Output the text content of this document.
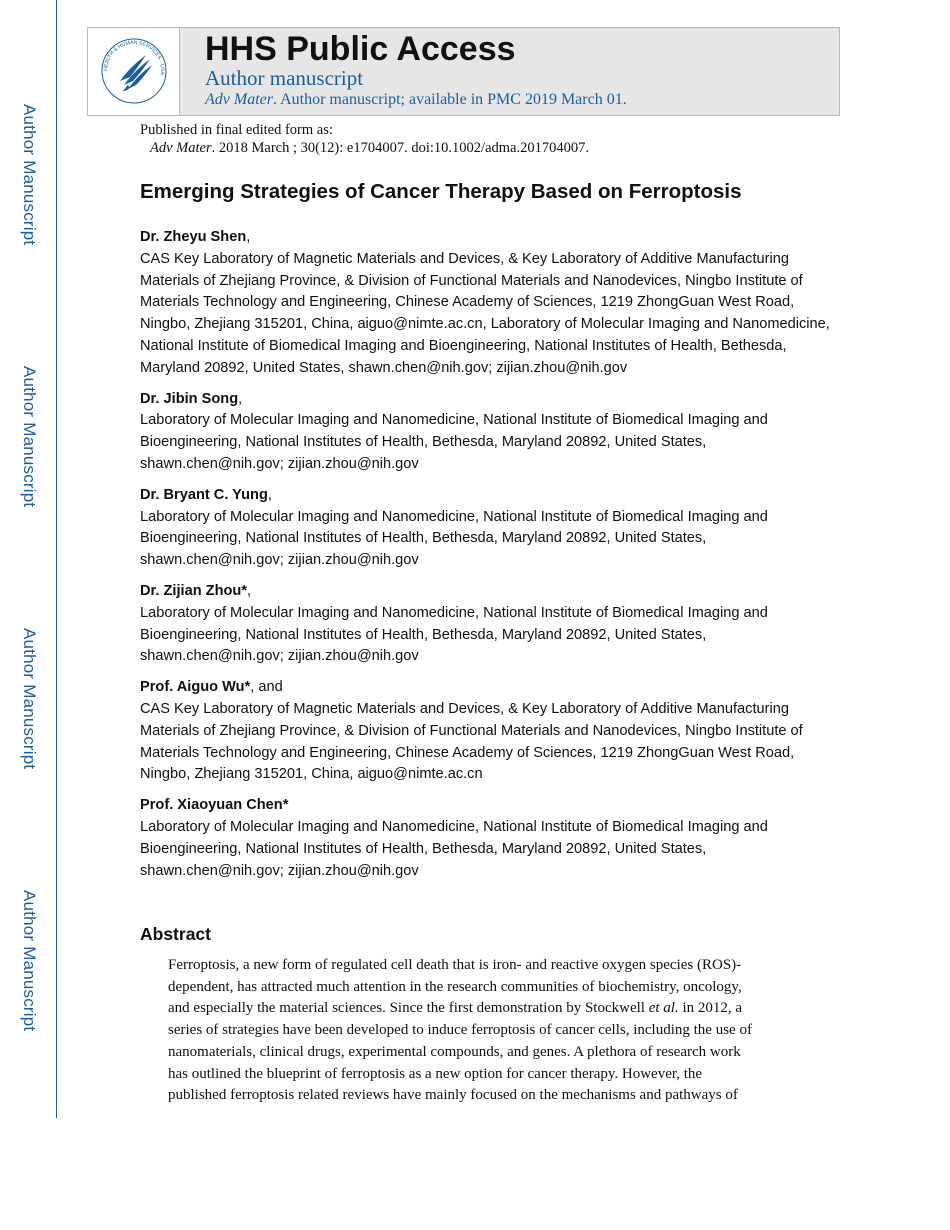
Author Manuscript
Author Manuscript
Author Manuscript
Author Manuscript
HEALTH & HUMAN SERVICES · USA
HHS Public Access
Author manuscript
Adv Mater. Author manuscript; available in PMC 2019 March 01.
Published in final edited form as:
Adv Mater. 2018 March ; 30(12): e1704007. doi:10.1002/adma.201704007.
Emerging Strategies of Cancer Therapy Based on Ferroptosis
Dr. Zheyu Shen,
CAS Key Laboratory of Magnetic Materials and Devices, & Key Laboratory of Additive Manufacturing Materials of Zhejiang Province, & Division of Functional Materials and Nanodevices, Ningbo Institute of Materials Technology and Engineering, Chinese Academy of Sciences, 1219 ZhongGuan West Road, Ningbo, Zhejiang 315201, China, aiguo@nimte.ac.cn, Laboratory of Molecular Imaging and Nanomedicine, National Institute of Biomedical Imaging and Bioengineering, National Institutes of Health, Bethesda, Maryland 20892, United States, shawn.chen@nih.gov; zijian.zhou@nih.gov
Dr. Jibin Song,
Laboratory of Molecular Imaging and Nanomedicine, National Institute of Biomedical Imaging and Bioengineering, National Institutes of Health, Bethesda, Maryland 20892, United States, shawn.chen@nih.gov; zijian.zhou@nih.gov
Dr. Bryant C. Yung,
Laboratory of Molecular Imaging and Nanomedicine, National Institute of Biomedical Imaging and Bioengineering, National Institutes of Health, Bethesda, Maryland 20892, United States, shawn.chen@nih.gov; zijian.zhou@nih.gov
Dr. Zijian Zhou*,
Laboratory of Molecular Imaging and Nanomedicine, National Institute of Biomedical Imaging and Bioengineering, National Institutes of Health, Bethesda, Maryland 20892, United States, shawn.chen@nih.gov; zijian.zhou@nih.gov
Prof. Aiguo Wu*, and
CAS Key Laboratory of Magnetic Materials and Devices, & Key Laboratory of Additive Manufacturing Materials of Zhejiang Province, & Division of Functional Materials and Nanodevices, Ningbo Institute of Materials Technology and Engineering, Chinese Academy of Sciences, 1219 ZhongGuan West Road, Ningbo, Zhejiang 315201, China, aiguo@nimte.ac.cn
Prof. Xiaoyuan Chen*
Laboratory of Molecular Imaging and Nanomedicine, National Institute of Biomedical Imaging and Bioengineering, National Institutes of Health, Bethesda, Maryland 20892, United States, shawn.chen@nih.gov; zijian.zhou@nih.gov
Abstract

Ferroptosis, a new form of regulated cell death that is iron- and reactive oxygen species (ROS)-
dependent, has attracted much attention in the research communities of biochemistry, oncology,
and especially the material sciences. Since the first demonstration by Stockwell et al. in 2012, a
series of strategies have been developed to induce ferroptosis of cancer cells, including the use of
nanomaterials, clinical drugs, experimental compounds, and genes. A plethora of research work
has outlined the blueprint of ferroptosis as a new option for cancer therapy. However, the
published ferroptosis related reviews have mainly focused on the mechanisms and pathways of
